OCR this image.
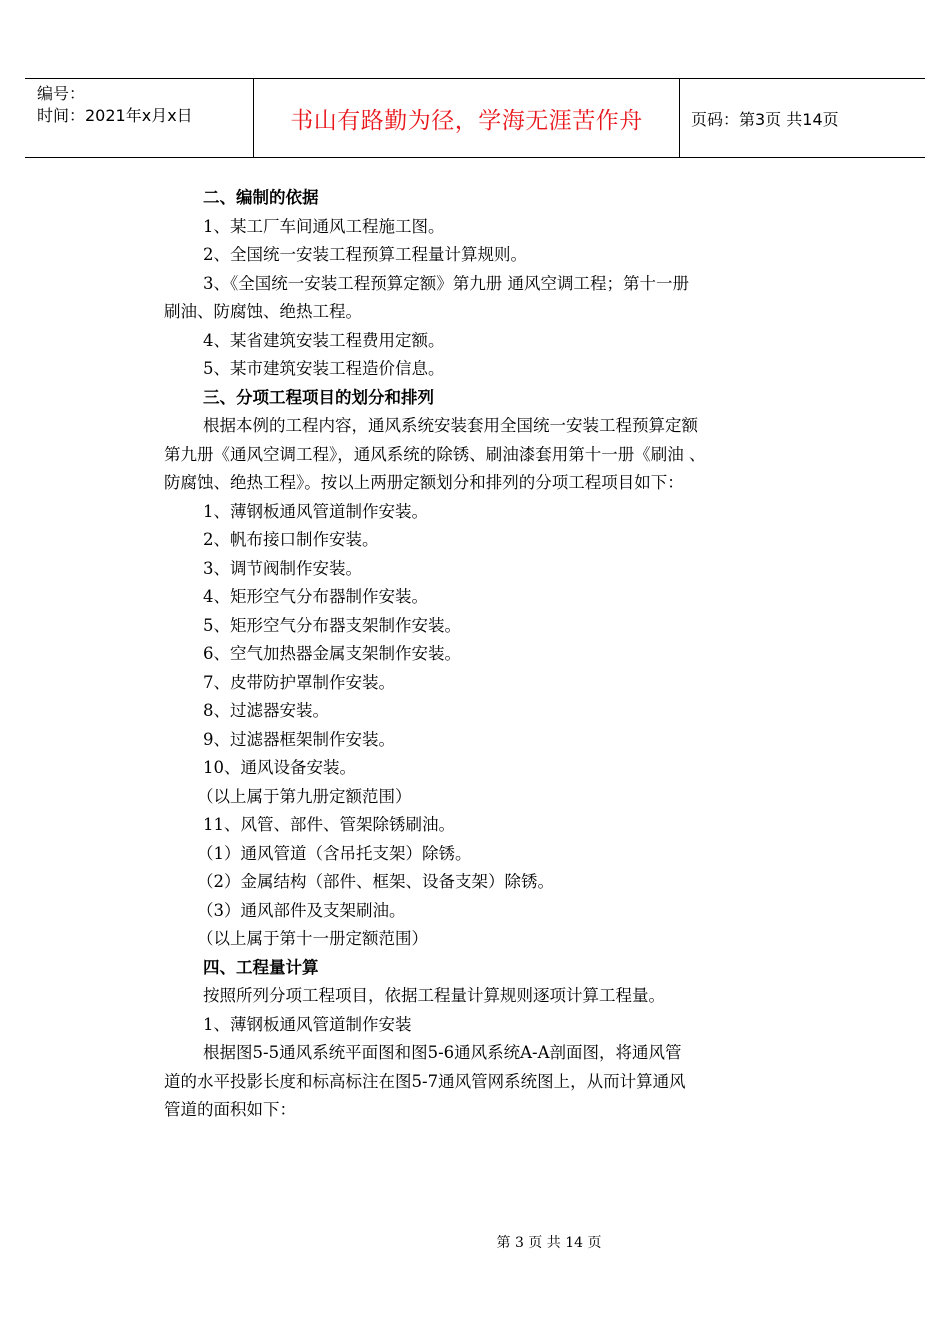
编号：
时间：2021年x月x日	书山有路勤为径，学海无涯苦作舟	页码：第3页 共14页

二、编制的依据

1、某工厂车间通风工程施工图。

2、全国统一安装工程预算工程量计算规则。

3、《全国统一安装工程预算定额》第九册 通风空调工程；第十一册

刷油、防腐蚀、绝热工程。

4、某省建筑安装工程费用定额。

5、某市建筑安装工程造价信息。

三、分项工程项目的划分和排列

根据本例的工程内容，通风系统安装套用全国统一安装工程预算定额

第九册《通风空调工程》，通风系统的除锈、刷油漆套用第十一册《刷油 、

防腐蚀、绝热工程》。按以上两册定额划分和排列的分项工程项目如下：

1、薄钢板通风管道制作安装。

2、帆布接口制作安装。

3、调节阀制作安装。

4、矩形空气分布器制作安装。

5、矩形空气分布器支架制作安装。

6、空气加热器金属支架制作安装。

7、皮带防护罩制作安装。

8、过滤器安装。

9、过滤器框架制作安装。

10、通风设备安装。

（以上属于第九册定额范围）

11、风管、部件、管架除锈刷油。

（1）通风管道（含吊托支架）除锈。

（2）金属结构（部件、框架、设备支架）除锈。

（3）通风部件及支架刷油。

（以上属于第十一册定额范围）

四、工程量计算

按照所列分项工程项目，依据工程量计算规则逐项计算工程量。

1、薄钢板通风管道制作安装

根据图5-5通风系统平面图和图5-6通风系统A-A剖面图，将通风管

道的水平投影长度和标高标注在图5-7通风管网系统图上，从而计算通风

管道的面积如下：

第 3 页 共 14 页
